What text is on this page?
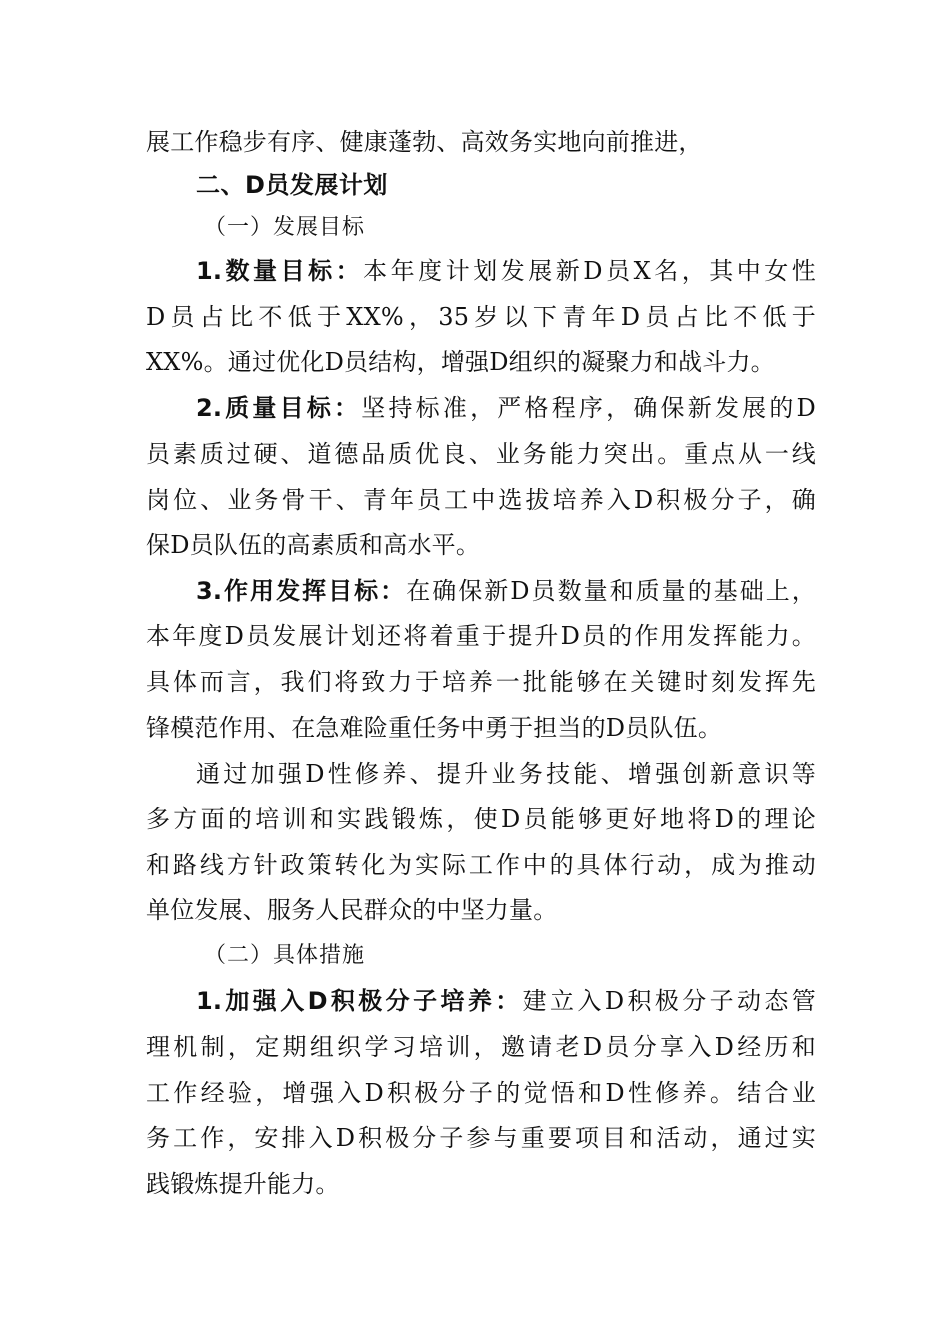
展工作稳步有序、健康蓬勃、高效务实地向前推进，
二、D员发展计划
（一）发展目标
1.数量目标：本年度计划发展新D员X名，其中女性
D员占比不低于XX%，35岁以下青年D员占比不低于
XX%。通过优化D员结构，增强D组织的凝聚力和战斗力。
2.质量目标：坚持标准，严格程序，确保新发展的D
员素质过硬、道德品质优良、业务能力突出。重点从一线
岗位、业务骨干、青年员工中选拔培养入D积极分子，确
保D员队伍的高素质和高水平。
3.作用发挥目标：在确保新D员数量和质量的基础上，
本年度D员发展计划还将着重于提升D员的作用发挥能力。
具体而言，我们将致力于培养一批能够在关键时刻发挥先
锋模范作用、在急难险重任务中勇于担当的D员队伍。
通过加强D性修养、提升业务技能、增强创新意识等
多方面的培训和实践锻炼，使D员能够更好地将D的理论
和路线方针政策转化为实际工作中的具体行动，成为推动
单位发展、服务人民群众的中坚力量。
（二）具体措施
1.加强入D积极分子培养：建立入D积极分子动态管
理机制，定期组织学习培训，邀请老D员分享入D经历和
工作经验，增强入D积极分子的觉悟和D性修养。结合业
务工作，安排入D积极分子参与重要项目和活动，通过实
践锻炼提升能力。
